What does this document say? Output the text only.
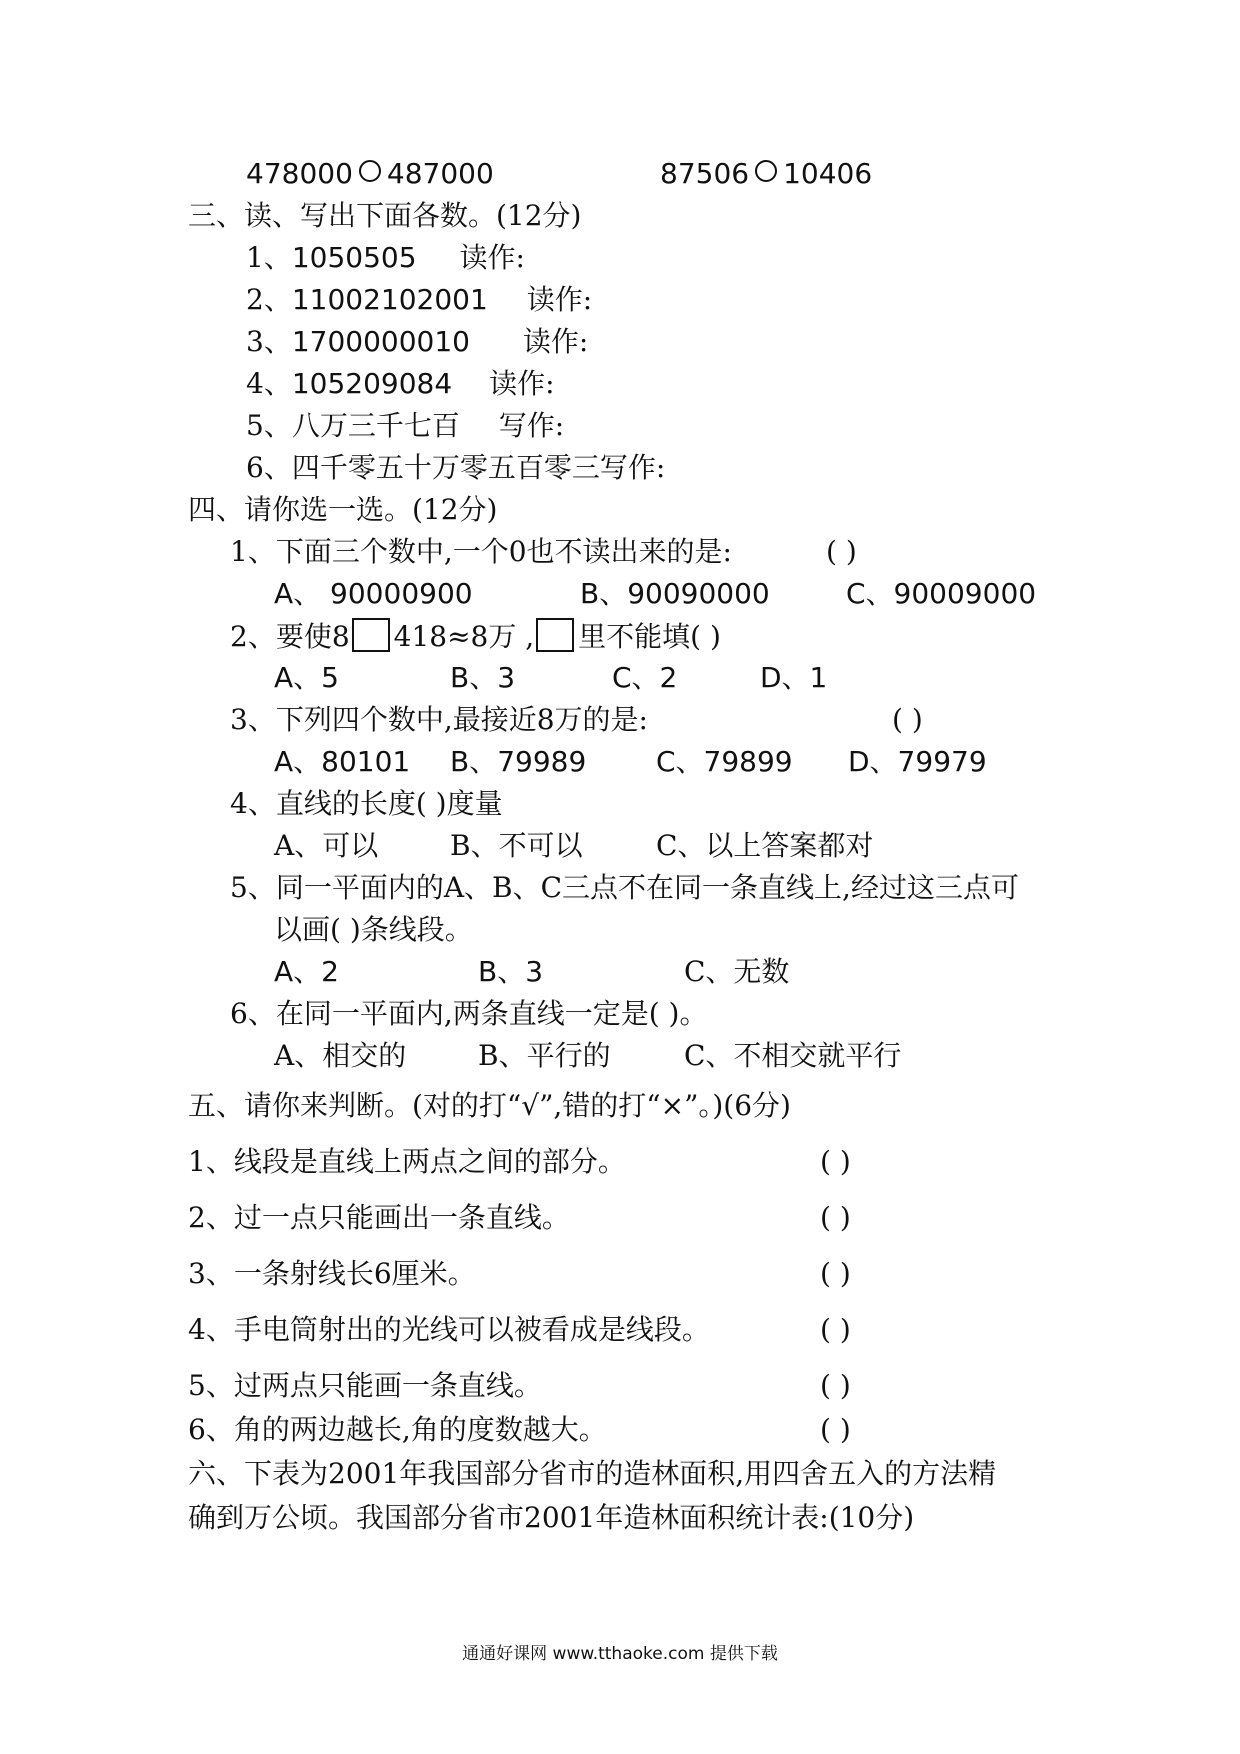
478000 487000	87506 10406
三、读、写出下面各数。(12分)
1、1050505 读作:
2、11002102001 读作:
3、1700000010 读作:
4、105209084 读作:
5、八万三千七百 写作:
6、四千零五十万零五百零三写作:
四、请你选一选。(12分)
1、下面三个数中,一个0也不读出来的是:	( )
A、 90000900	B、90090000	C、90009000
2、要使8 418≈8万 , 里不能填( )
A、5	B、3	C、2	D、1
3、下列四个数中,最接近8万的是:	( )
A、80101 B、79989 C、79899 D、79979
4、直线的长度( )度量
A、可以	B、不可以	C、以上答案都对
5、同一平面内的A、B、C三点不在同一条直线上,经过这三点可
以画( )条线段。
A、2	B、3	C、无数
6、在同一平面内,两条直线一定是( )。
A、相交的	B、平行的	C、不相交就平行
五、请你来判断。(对的打“√”,错的打“×”。)(6分)
1、线段是直线上两点之间的部分。	( )
2、过一点只能画出一条直线。	( )
3、一条射线长6厘米。	( )
4、手电筒射出的光线可以被看成是线段。	( )
5、过两点只能画一条直线。	( )
6、角的两边越长,角的度数越大。	( )
六、下表为2001年我国部分省市的造林面积,用四舍五入的方法精
确到万公顷。我国部分省市2001年造林面积统计表:(10分)
通通好课网 www.tthaoke.com 提供下载
